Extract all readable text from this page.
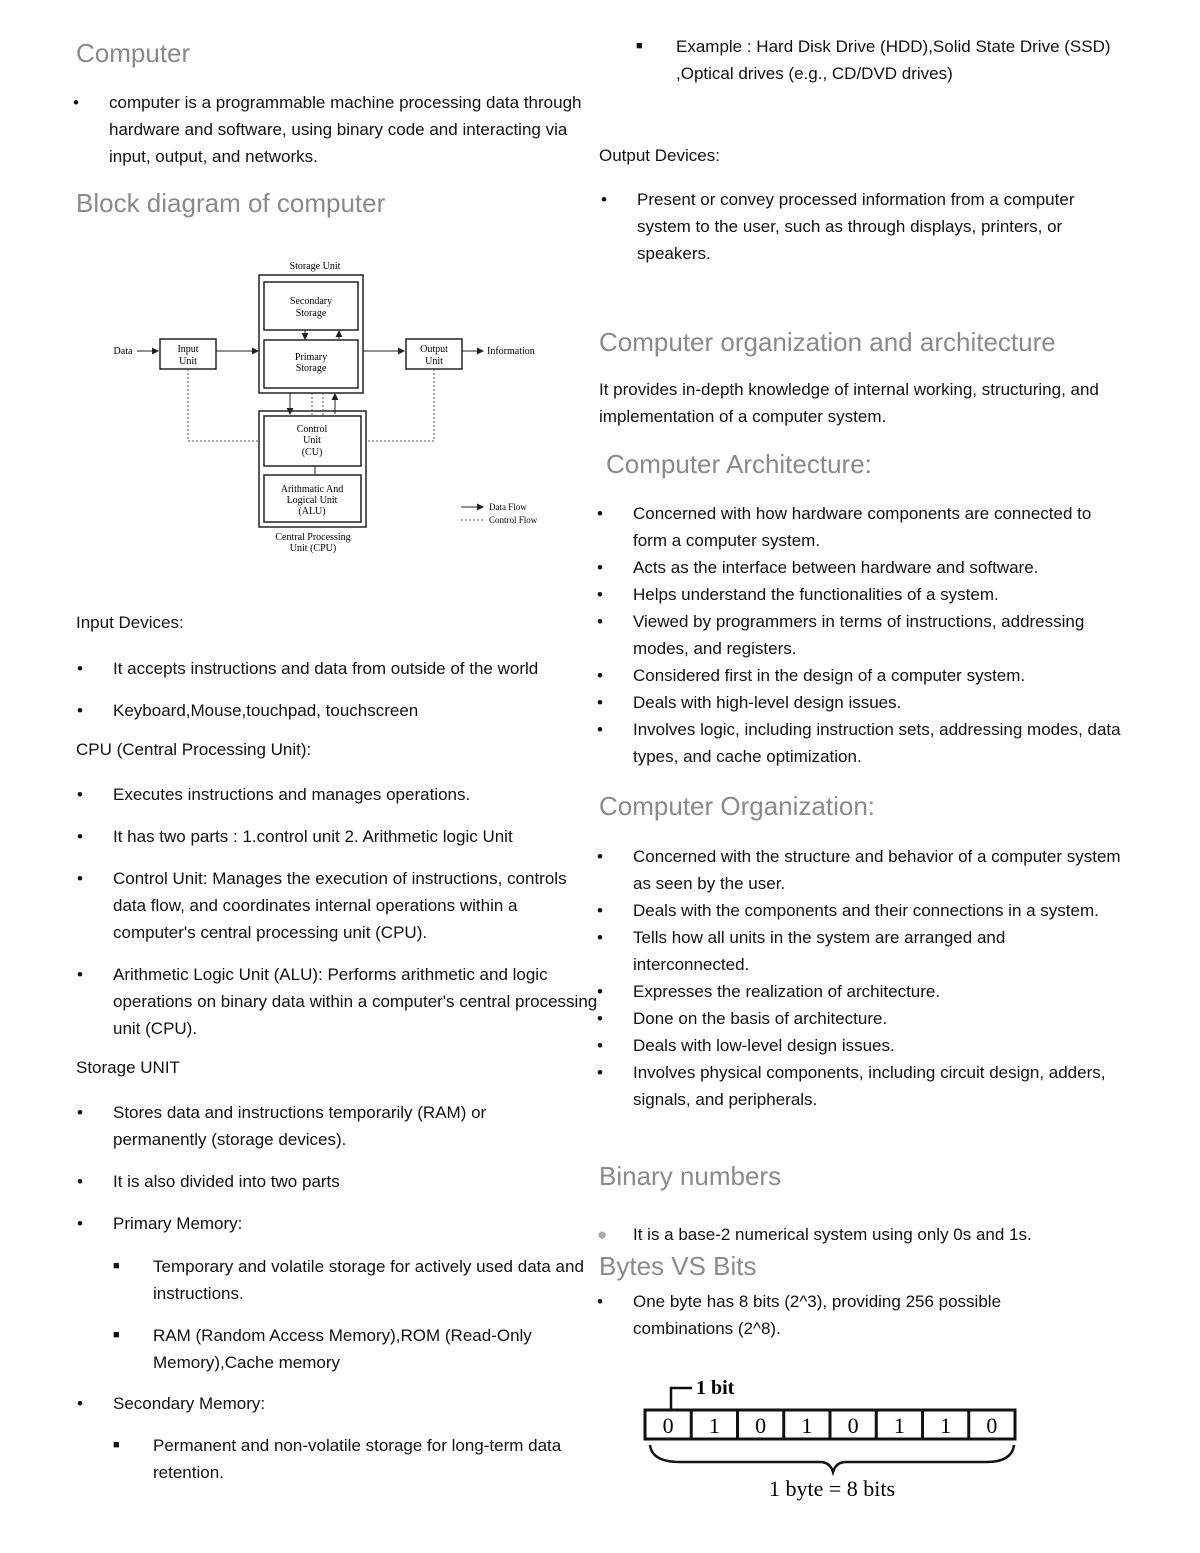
Computer
• computer is a programmable machine processing data through hardware and software, using binary code and interacting via input, output, and networks.
Block diagram of computer
Storage Unit
Secondary
Storage
Primary
Storage
Data	Input
Unit
Output
Unit
Information
Control
Unit
(CU)
Arithmatic And
Logical Unit
(ALU)
Central Processing
Unit (CPU)
Data Flow
Control Flow
Input Devices:
• It accepts instructions and data from outside of the world
• Keyboard,Mouse,touchpad, touchscreen
CPU (Central Processing Unit):
• Executes instructions and manages operations.
• It has two parts : 1.control unit 2. Arithmetic logic Unit
• Control Unit: Manages the execution of instructions, controls data flow, and coordinates internal operations within a computer's central processing unit (CPU).
• Arithmetic Logic Unit (ALU): Performs arithmetic and logic operations on binary data within a computer's central processing unit (CPU).
Storage UNIT
• Stores data and instructions temporarily (RAM) or permanently (storage devices).
• It is also divided into two parts
• Primary Memory:
■ Temporary and volatile storage for actively used data and instructions.
■ RAM (Random Access Memory),ROM (Read-Only Memory),Cache memory
• Secondary Memory:
■ Permanent and non-volatile storage for long-term data retention.
■ Example : Hard Disk Drive (HDD),Solid State Drive (SSD) ,Optical drives (e.g., CD/DVD drives)
Output Devices:
• Present or convey processed information from a computer system to the user, such as through displays, printers, or speakers.
Computer organization and architecture
It provides in-depth knowledge of internal working, structuring, and implementation of a computer system.
Computer Architecture:
• Concerned with how hardware components are connected to form a computer system.
• Acts as the interface between hardware and software.
• Helps understand the functionalities of a system.
• Viewed by programmers in terms of instructions, addressing modes, and registers.
• Considered first in the design of a computer system.
• Deals with high-level design issues.
• Involves logic, including instruction sets, addressing modes, data types, and cache optimization.
Computer Organization:
• Concerned with the structure and behavior of a computer system as seen by the user.
• Deals with the components and their connections in a system.
• Tells how all units in the system are arranged and interconnected.
• Expresses the realization of architecture.
• Done on the basis of architecture.
• Deals with low-level design issues.
• Involves physical components, including circuit design, adders, signals, and peripherals.
Binary numbers
● It is a base-2 numerical system using only 0s and 1s.
Bytes VS Bits
• One byte has 8 bits (2^3), providing 256 possible combinations (2^8).
1 bit
0 1 0 1 0 1 1 0
1 byte = 8 bits
